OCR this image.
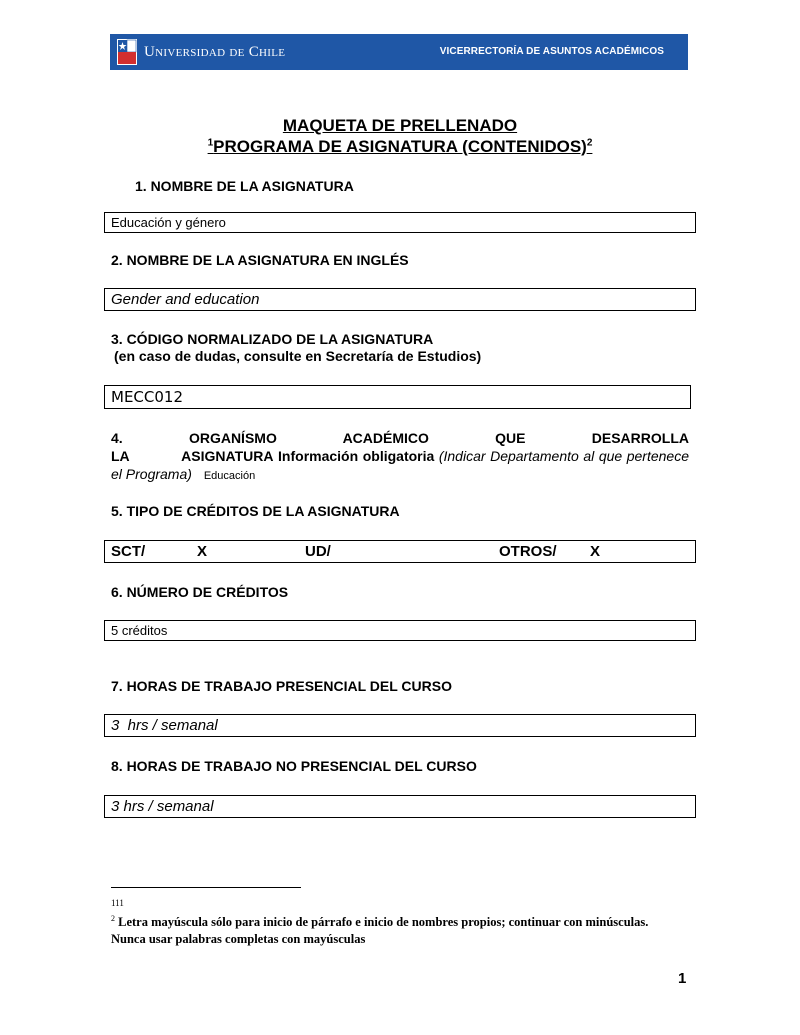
Universidad de Chile	VICERRECTORÍA DE ASUNTOS ACADÉMICOS
MAQUETA DE PRELLENADO
$^1$PROGRAMA DE ASIGNATURA (CONTENIDOS)$^2$
1. NOMBRE DE LA ASIGNATURA
Educación y género
2. NOMBRE DE LA ASIGNATURA EN INGLÉS
Gender and education
3. CÓDIGO NORMALIZADO DE LA ASIGNATURA
(en caso de dudas, consulte en Secretaría de Estudios)
MECC012
4. ORGANÍSMO ACADÉMICO QUE DESARROLLA LA ASIGNATURA Información obligatoria (Indicar Departamento al que pertenece el Programa) Educación
5. TIPO DE CRÉDITOS DE LA ASIGNATURA
SCT/	X	UD/	OTROS/ X
6. NÚMERO DE CRÉDITOS
5 créditos
7. HORAS DE TRABAJO PRESENCIAL DEL CURSO
3  hrs / semanal
8. HORAS DE TRABAJO NO PRESENCIAL DEL CURSO
3 hrs / semanal
111
$^2$ Letra mayúscula sólo para inicio de párrafo e inicio de nombres propios; continuar con minúsculas. Nunca usar palabras completas con mayúsculas
1
